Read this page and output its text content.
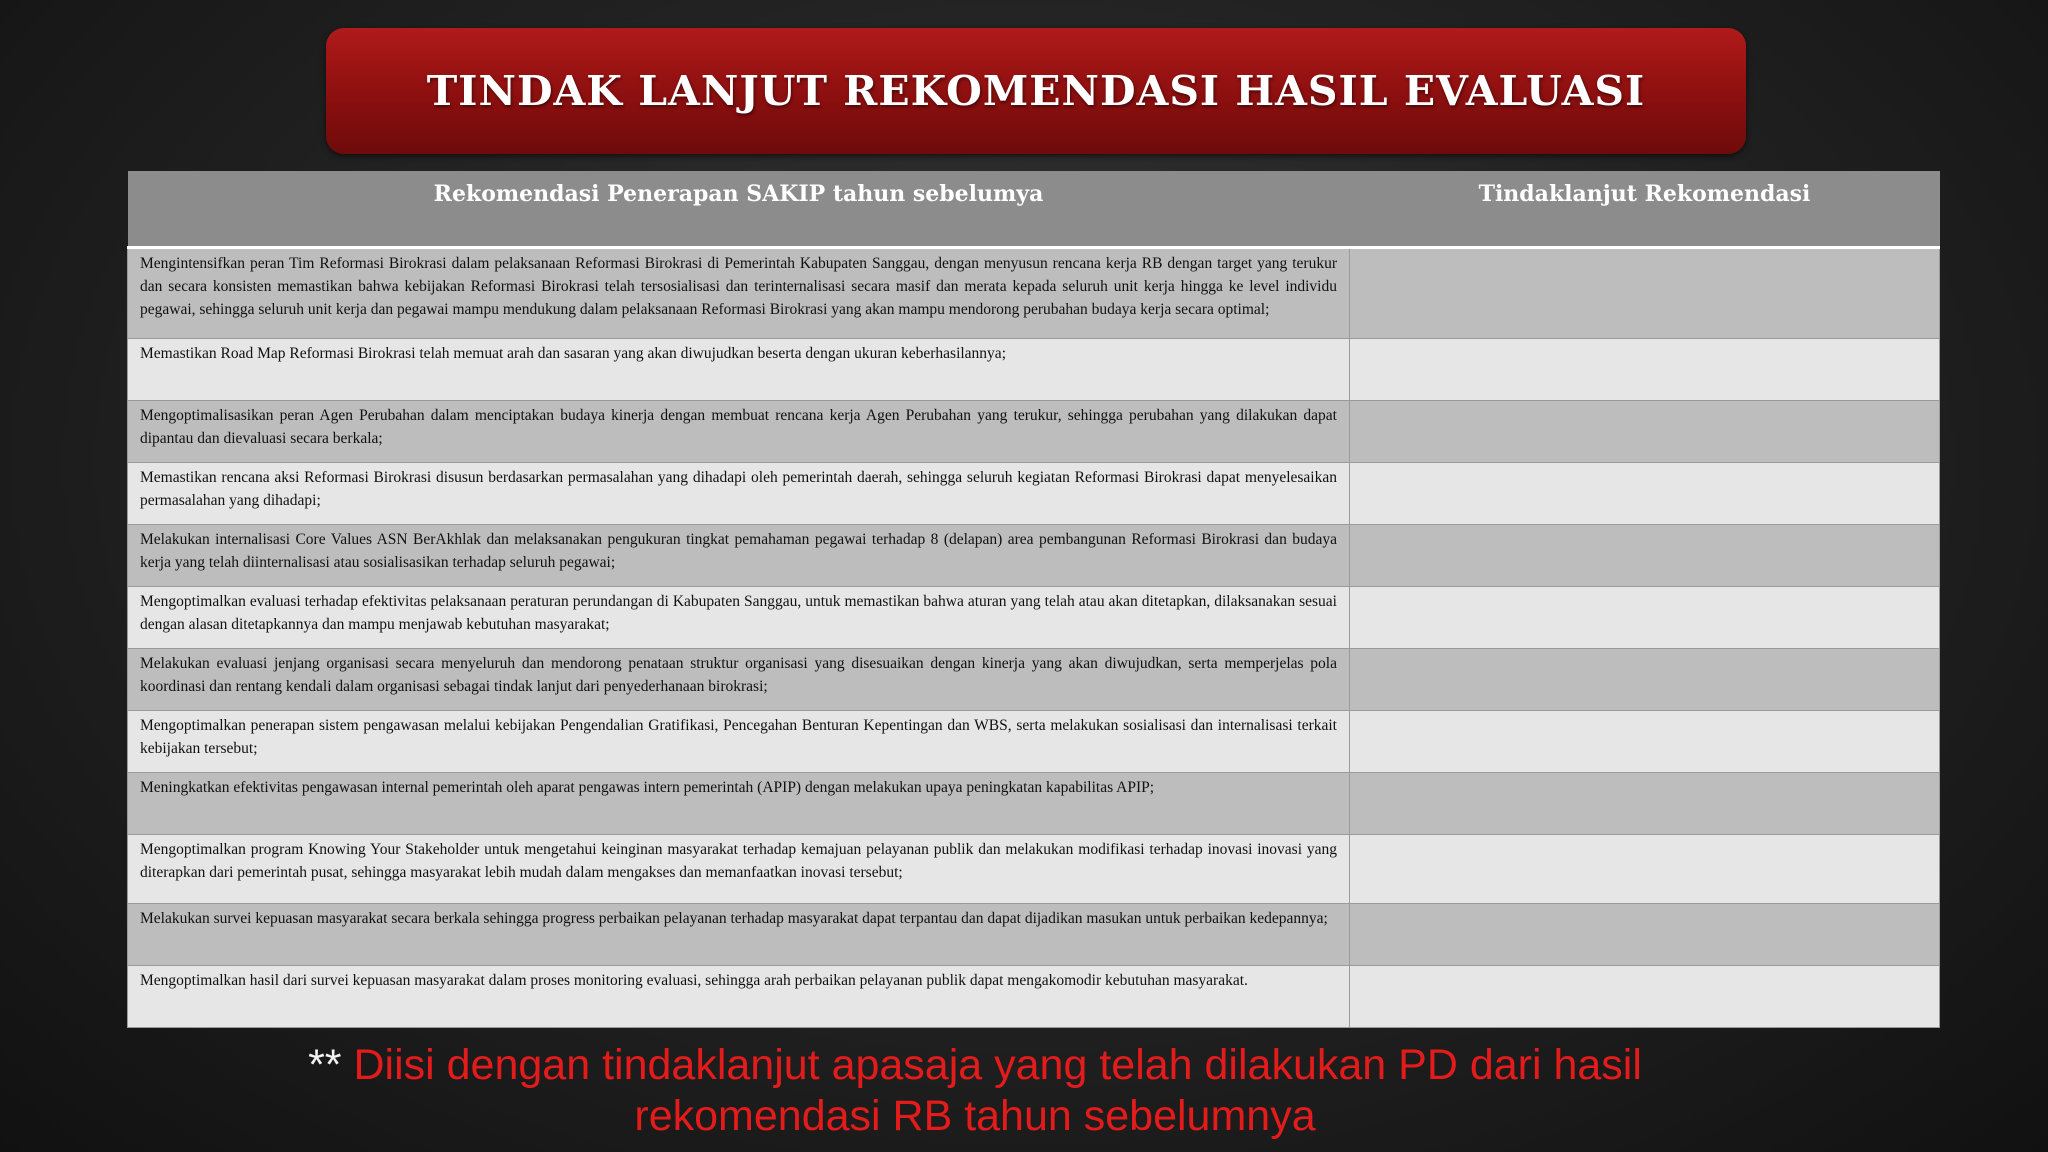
TINDAK LANJUT REKOMENDASI HASIL EVALUASI
Rekomendasi Penerapan SAKIP tahun sebelumya	Tindaklanjut Rekomendasi
Mengintensifkan peran Tim Reformasi Birokrasi dalam pelaksanaan Reformasi Birokrasi di Pemerintah Kabupaten Sanggau, dengan menyusun rencana kerja RB dengan target yang terukur dan secara konsisten memastikan bahwa kebijakan Reformasi Birokrasi telah tersosialisasi dan terinternalisasi secara masif dan merata kepada seluruh unit kerja hingga ke level individu pegawai, sehingga seluruh unit kerja dan pegawai mampu mendukung dalam pelaksanaan Reformasi Birokrasi yang akan mampu mendorong perubahan budaya kerja secara optimal;	
Memastikan Road Map Reformasi Birokrasi telah memuat arah dan sasaran yang akan diwujudkan beserta dengan ukuran keberhasilannya;	
Mengoptimalisasikan peran Agen Perubahan dalam menciptakan budaya kinerja dengan membuat rencana kerja Agen Perubahan yang terukur, sehingga perubahan yang dilakukan dapat dipantau dan dievaluasi secara berkala;	
Memastikan rencana aksi Reformasi Birokrasi disusun berdasarkan permasalahan yang dihadapi oleh pemerintah daerah, sehingga seluruh kegiatan Reformasi Birokrasi dapat menyelesaikan permasalahan yang dihadapi;	
Melakukan internalisasi Core Values ASN BerAkhlak dan melaksanakan pengukuran tingkat pemahaman pegawai terhadap 8 (delapan) area pembangunan Reformasi Birokrasi dan budaya kerja yang telah diinternalisasi atau sosialisasikan terhadap seluruh pegawai;	
Mengoptimalkan evaluasi terhadap efektivitas pelaksanaan peraturan perundangan di Kabupaten Sanggau, untuk memastikan bahwa aturan yang telah atau akan ditetapkan, dilaksanakan sesuai dengan alasan ditetapkannya dan mampu menjawab kebutuhan masyarakat;	
Melakukan evaluasi jenjang organisasi secara menyeluruh dan mendorong penataan struktur organisasi yang disesuaikan dengan kinerja yang akan diwujudkan, serta memperjelas pola koordinasi dan rentang kendali dalam organisasi sebagai tindak lanjut dari penyederhanaan birokrasi;	
Mengoptimalkan penerapan sistem pengawasan melalui kebijakan Pengendalian Gratifikasi, Pencegahan Benturan Kepentingan dan WBS, serta melakukan sosialisasi dan internalisasi terkait kebijakan tersebut;	
Meningkatkan efektivitas pengawasan internal pemerintah oleh aparat pengawas intern pemerintah (APIP) dengan melakukan upaya peningkatan kapabilitas APIP;	
Mengoptimalkan program Knowing Your Stakeholder untuk mengetahui keinginan masyarakat terhadap kemajuan pelayanan publik dan melakukan modifikasi terhadap inovasi inovasi yang diterapkan dari pemerintah pusat, sehingga masyarakat lebih mudah dalam mengakses dan memanfaatkan inovasi tersebut;	
Melakukan survei kepuasan masyarakat secara berkala sehingga progress perbaikan pelayanan terhadap masyarakat dapat terpantau dan dapat dijadikan masukan untuk perbaikan kedepannya;	
Mengoptimalkan hasil dari survei kepuasan masyarakat dalam proses monitoring evaluasi, sehingga arah perbaikan pelayanan publik dapat mengakomodir kebutuhan masyarakat.	
** Diisi dengan tindaklanjut apasaja yang telah dilakukan PD dari hasil rekomendasi RB tahun sebelumnya
